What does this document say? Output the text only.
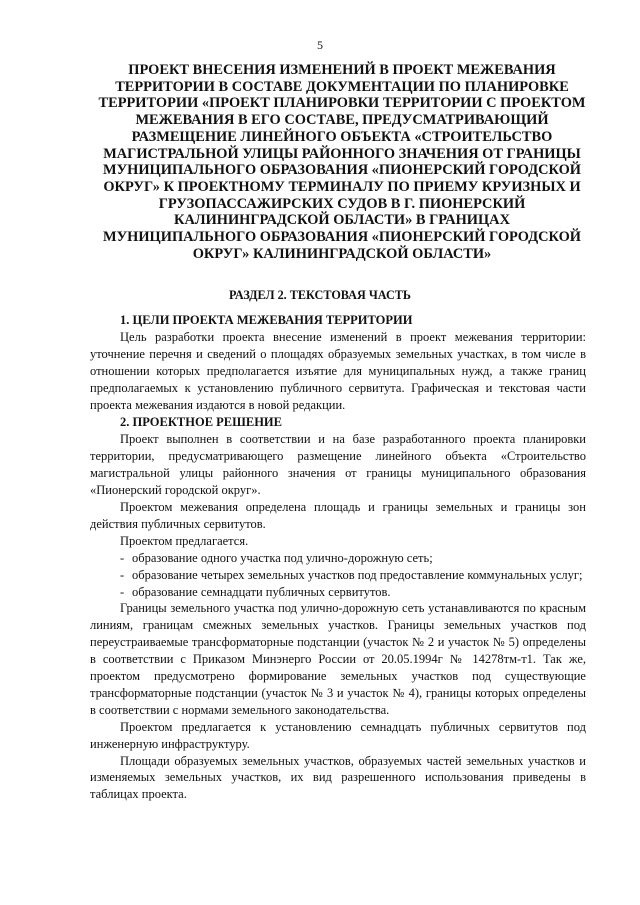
5
ПРОЕКТ ВНЕСЕНИЯ ИЗМЕНЕНИЙ В ПРОЕКТ МЕЖЕВАНИЯ ТЕРРИТОРИИ В СОСТАВЕ ДОКУМЕНТАЦИИ ПО ПЛАНИРОВКЕ ТЕРРИТОРИИ «ПРОЕКТ ПЛАНИРОВКИ ТЕРРИТОРИИ С ПРОЕКТОМ МЕЖЕВАНИЯ В ЕГО СОСТАВЕ, ПРЕДУСМАТРИВАЮЩИЙ РАЗМЕЩЕНИЕ ЛИНЕЙНОГО ОБЪЕКТА «СТРОИТЕЛЬСТВО МАГИСТРАЛЬНОЙ УЛИЦЫ РАЙОННОГО ЗНАЧЕНИЯ ОТ ГРАНИЦЫ МУНИЦИПАЛЬНОГО ОБРАЗОВАНИЯ «ПИОНЕРСКИЙ ГОРОДСКОЙ ОКРУГ» К ПРОЕКТНОМУ ТЕРМИНАЛУ ПО ПРИЕМУ КРУИЗНЫХ И ГРУЗОПАССАЖИРСКИХ СУДОВ В Г. ПИОНЕРСКИЙ КАЛИНИНГРАДСКОЙ ОБЛАСТИ» В ГРАНИЦАХ МУНИЦИПАЛЬНОГО ОБРАЗОВАНИЯ «ПИОНЕРСКИЙ ГОРОДСКОЙ ОКРУГ» КАЛИНИНГРАДСКОЙ ОБЛАСТИ»
РАЗДЕЛ 2. ТЕКСТОВАЯ ЧАСТЬ

1. ЦЕЛИ ПРОЕКТА МЕЖЕВАНИЯ ТЕРРИТОРИИ

Цель разработки проекта внесение изменений в проект межевания территории: уточнение перечня и сведений о площадях образуемых земельных участках, в том числе в отношении которых предполагается изъятие для муниципальных нужд, а также границ предполагаемых к установлению публичного сервитута. Графическая и текстовая части проекта межевания издаются в новой редакции.

2. ПРОЕКТНОЕ РЕШЕНИЕ

Проект выполнен в соответствии и на базе разработанного проекта планировки территории, предусматривающего размещение линейного объекта «Строительство магистральной улицы районного значения от границы муниципального образования «Пионерский городской округ».

Проектом межевания определена площадь и границы земельных и границы зон действия публичных сервитутов.

Проектом предлагается.

- образование одного участка под улично-дорожную сеть;

- образование четырех земельных участков под предоставление коммунальных услуг;

- образование семнадцати публичных сервитутов.

Границы земельного участка под улично-дорожную сеть устанавливаются по красным линиям, границам смежных земельных участков. Границы земельных участков под переустраиваемые трансформаторные подстанции (участок № 2 и участок № 5) определены в соответствии с Приказом Минэнерго России от 20.05.1994г № 14278тм-т1. Так же, проектом предусмотрено формирование земельных участков под существующие трансформаторные подстанции (участок № 3 и участок № 4), границы которых определены в соответствии с нормами земельного законодательства.

Проектом предлагается к установлению семнадцать публичных сервитутов под инженерную инфраструктуру.

Площади образуемых земельных участков, образуемых частей земельных участков и изменяемых земельных участков, их вид разрешенного использования приведены в таблицах проекта.
